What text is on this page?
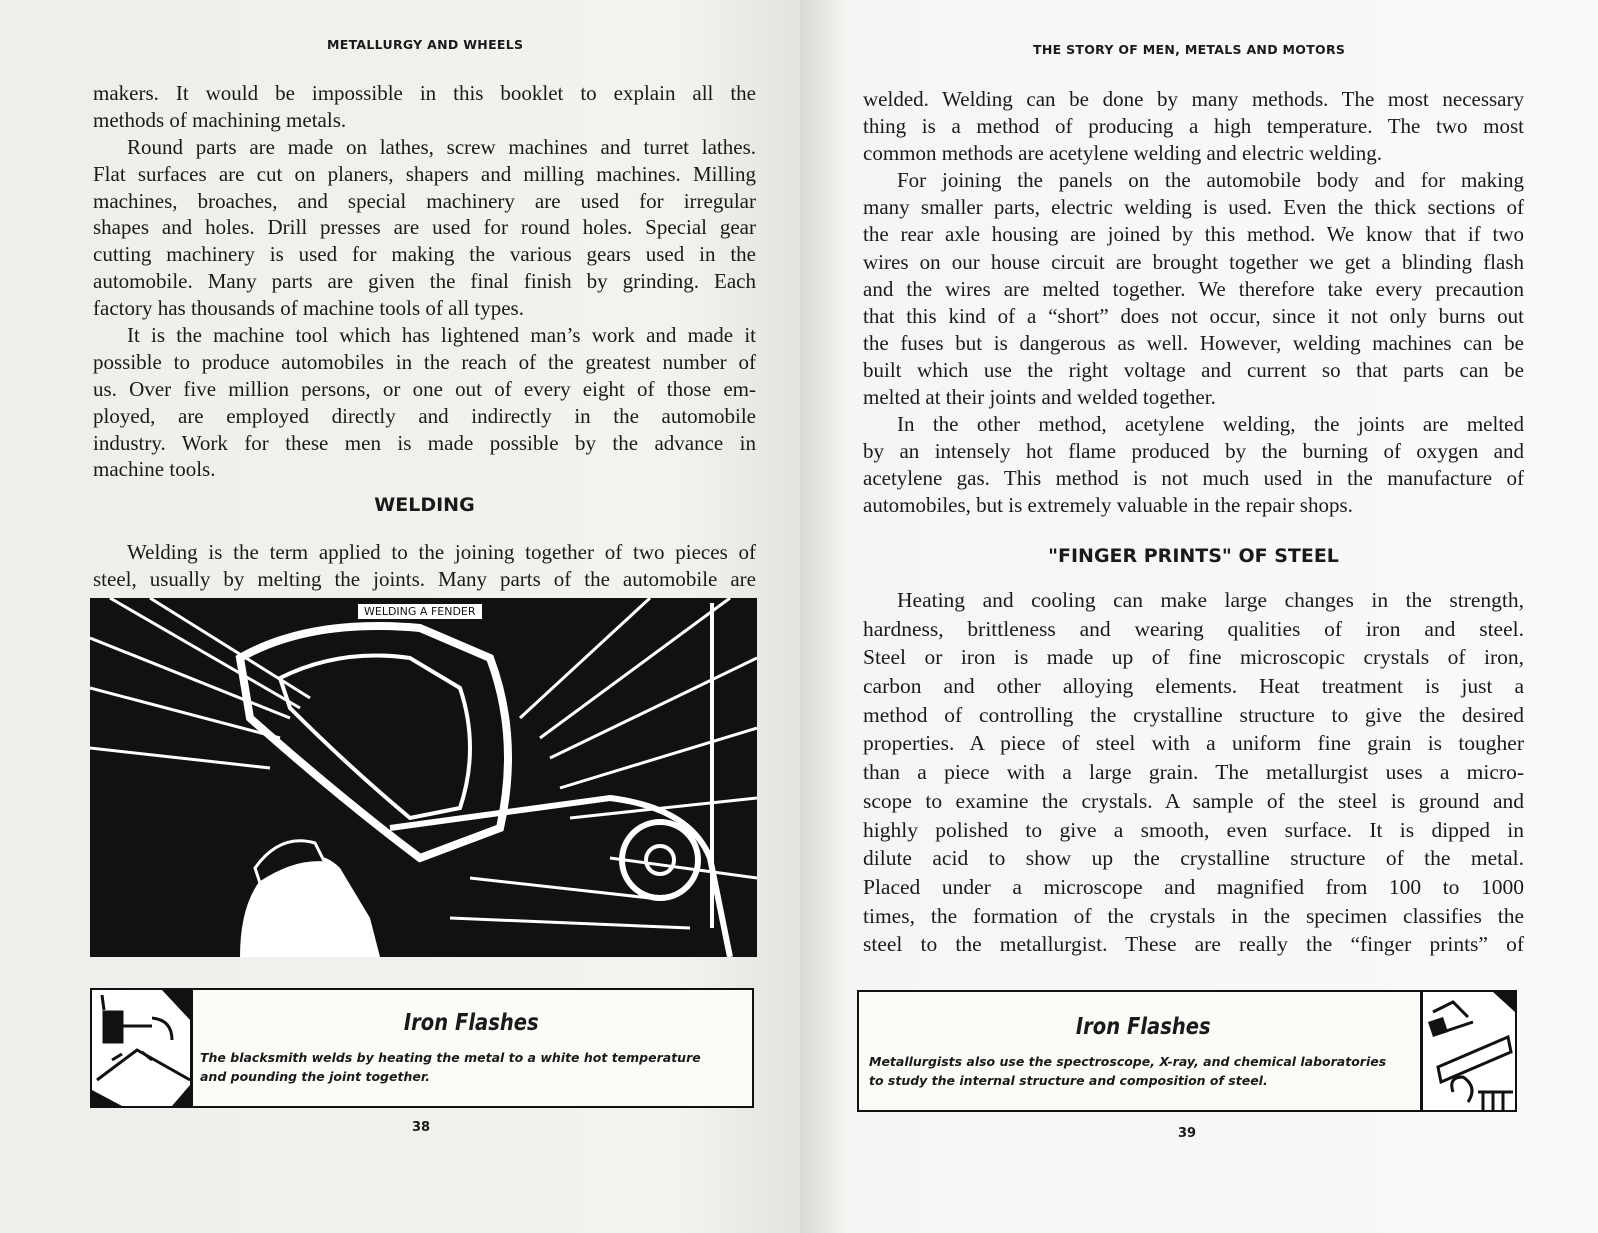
METALLURGY AND WHEELS
makers. It would be impossible in this booklet to explain all the
methods of machining metals.
Round parts are made on lathes, screw machines and turret lathes.
Flat surfaces are cut on planers, shapers and milling machines. Milling
machines, broaches, and special machinery are used for irregular
shapes and holes. Drill presses are used for round holes. Special gear
cutting machinery is used for making the various gears used in the
automobile. Many parts are given the final finish by grinding. Each
factory has thousands of machine tools of all types.
It is the machine tool which has lightened man’s work and made it
possible to produce automobiles in the reach of the greatest number of
us. Over five million persons, or one out of every eight of those em-
ployed, are employed directly and indirectly in the automobile
industry. Work for these men is made possible by the advance in
machine tools.
WELDING
Welding is the term applied to the joining together of two pieces of
steel, usually by melting the joints. Many parts of the automobile are
WELDING A FENDER
Iron Flashes
The blacksmith welds by heating the metal to a white hot temperature
and pounding the joint together.
38
THE STORY OF MEN, METALS AND MOTORS
welded. Welding can be done by many methods. The most necessary
thing is a method of producing a high temperature. The two most
common methods are acetylene welding and electric welding.
For joining the panels on the automobile body and for making
many smaller parts, electric welding is used. Even the thick sections of
the rear axle housing are joined by this method. We know that if two
wires on our house circuit are brought together we get a blinding flash
and the wires are melted together. We therefore take every precaution
that this kind of a “short” does not occur, since it not only burns out
the fuses but is dangerous as well. However, welding machines can be
built which use the right voltage and current so that parts can be
melted at their joints and welded together.
In the other method, acetylene welding, the joints are melted
by an intensely hot flame produced by the burning of oxygen and
acetylene gas. This method is not much used in the manufacture of
automobiles, but is extremely valuable in the repair shops.
"FINGER PRINTS" OF STEEL
Heating and cooling can make large changes in the strength,
hardness, brittleness and wearing qualities of iron and steel.
Steel or iron is made up of fine microscopic crystals of iron,
carbon and other alloying elements. Heat treatment is just a
method of controlling the crystalline structure to give the desired
properties. A piece of steel with a uniform fine grain is tougher
than a piece with a large grain. The metallurgist uses a micro-
scope to examine the crystals. A sample of the steel is ground and
highly polished to give a smooth, even surface. It is dipped in
dilute acid to show up the crystalline structure of the metal.
Placed under a microscope and magnified from 100 to 1000
times, the formation of the crystals in the specimen classifies the
steel to the metallurgist. These are really the “finger prints” of
Iron Flashes
Metallurgists also use the spectroscope, X-ray, and chemical laboratories
to study the internal structure and composition of steel.
39
